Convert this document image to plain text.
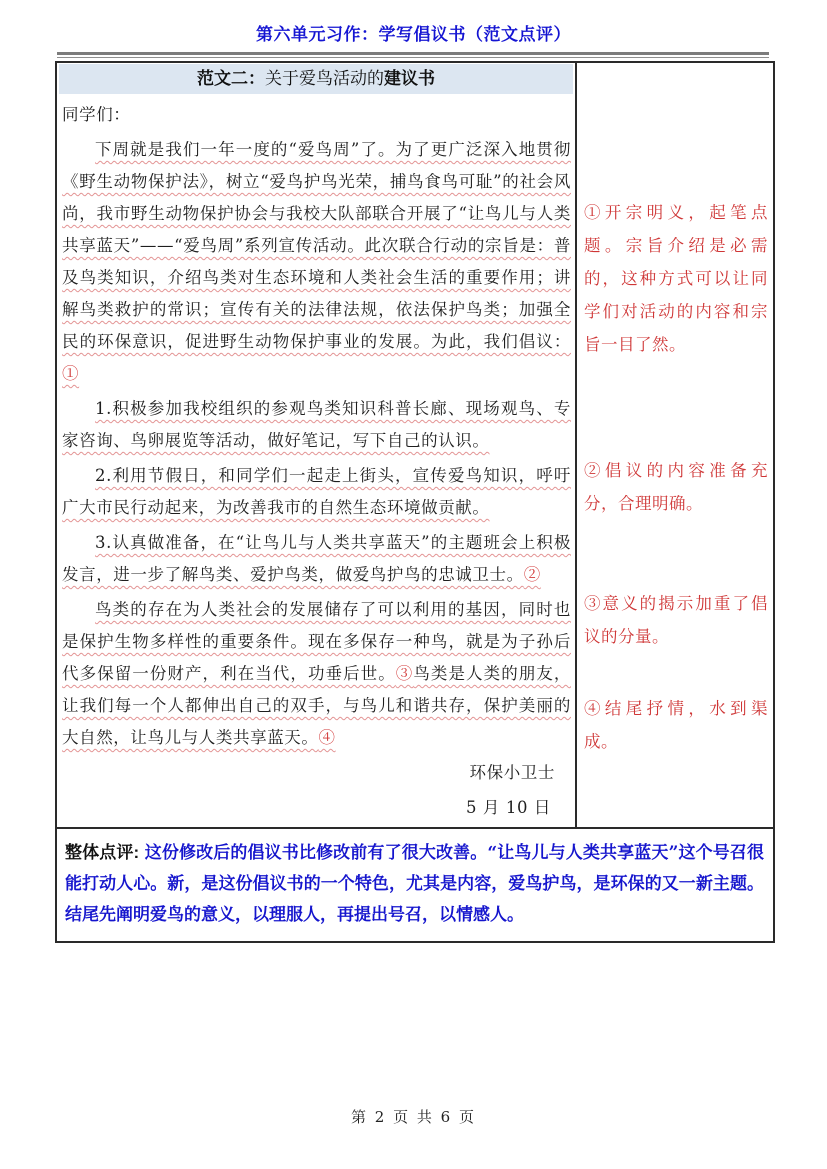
第六单元习作：学写倡议书（范文点评）
范文二：关于爱鸟活动的建议书

同学们：

下周就是我们一年一度的“爱鸟周”了。为了更广泛深入地贯彻《野生动物保护法》，树立“爱鸟护鸟光荣，捕鸟食鸟可耻”的社会风尚，我市野生动物保护协会与我校大队部联合开展了“让鸟儿与人类共享蓝天”——“爱鸟周”系列宣传活动。此次联合行动的宗旨是：普及鸟类知识，介绍鸟类对生态环境和人类社会生活的重要作用；讲解鸟类救护的常识；宣传有关的法律法规，依法保护鸟类；加强全民的环保意识，促进野生动物保护事业的发展。为此，我们倡议：①

1.积极参加我校组织的参观鸟类知识科普长廊、现场观鸟、专家咨询、鸟卵展览等活动，做好笔记，写下自己的认识。

2.利用节假日，和同学们一起走上街头，宣传爱鸟知识，呼吁广大市民行动起来，为改善我市的自然生态环境做贡献。

3.认真做准备，在“让鸟儿与人类共享蓝天”的主题班会上积极发言，进一步了解鸟类、爱护鸟类，做爱鸟护鸟的忠诚卫士。②

鸟类的存在为人类社会的发展储存了可以利用的基因，同时也是保护生物多样性的重要条件。现在多保存一种鸟，就是为子孙后代多保留一份财产，利在当代，功垂后世。③鸟类是人类的朋友，让我们每一个人都伸出自己的双手，与鸟儿和谐共存，保护美丽的大自然，让鸟儿与人类共享蓝天。④

环保小卫士

5 月 10 日

①开宗明义，起笔点题。宗旨介绍是必需的，这种方式可以让同学们对活动的内容和宗旨一目了然。
②倡议的内容准备充分，合理明确。
③意义的揭示加重了倡议的分量。
④结尾抒情，水到渠成。
整体点评: 这份修改后的倡议书比修改前有了很大改善。“让鸟儿与人类共享蓝天”这个号召很能打动人心。新，是这份倡议书的一个特色，尤其是内容，爱鸟护鸟，是环保的又一新主题。结尾先阐明爱鸟的意义，以理服人，再提出号召，以情感人。
第 2 页 共 6 页
